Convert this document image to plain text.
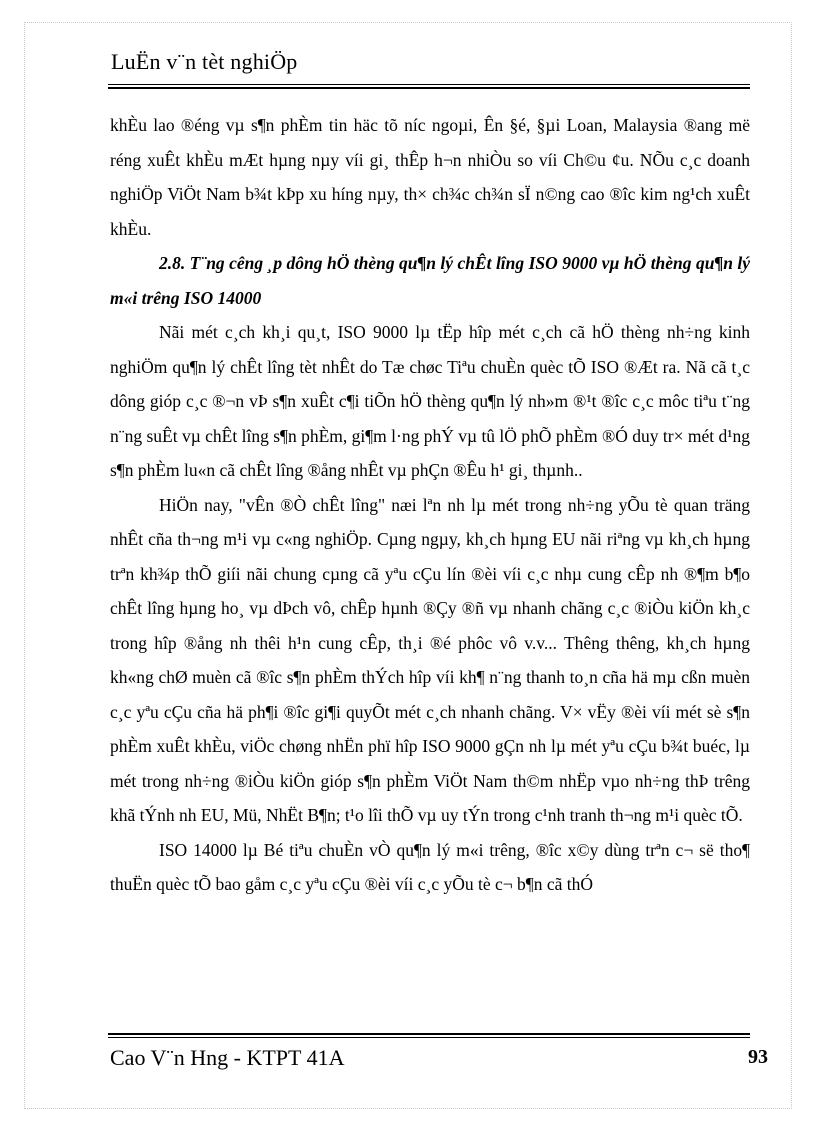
LuËn v¨n tèt nghiÖp

khÈu lao ®éng vµ s¶n phÈm tin häc tõ níc ngoµi, Ên §é, §µi Loan, Malaysia ®ang më réng xuÊt khÈu mÆt hµng nµy víi gi¸ thÊp h¬n nhiÒu so víi Ch©u ¢u. NÕu c¸c doanh nghiÖp ViÖt Nam b¾t kÞp xu híng nµy, th× ch¾c ch¾n sÏ n©ng cao ®îc kim ng¹ch xuÊt khÈu.

2.8. T¨ng cêng ¸p dông hÖ thèng qu¶n lý chÊt lîng ISO 9000 vµ hÖ thèng qu¶n lý m«i trêng ISO 14000

Nãi mét c¸ch kh¸i qu¸t, ISO 9000 lµ tËp hîp mét c¸ch cã hÖ thèng nh÷ng kinh nghiÖm qu¶n lý chÊt lîng tèt nhÊt do Tæ chøc Tiªu chuÈn quèc tÕ ISO ®Æt ra. Nã cã t¸c dông gióp c¸c ®¬n vÞ s¶n xuÊt c¶i tiÕn hÖ thèng qu¶n lý nh»m ®¹t ®îc c¸c môc tiªu t¨ng n¨ng suÊt vµ chÊt lîng s¶n phÈm, gi¶m l·ng phÝ vµ tû lÖ phÕ phÈm ®Ó duy tr× mét d¹ng s¶n phÈm lu«n cã chÊt lîng ®ång nhÊt vµ phÇn ®Êu h¹ gi¸ thµnh..

HiÖn nay, "vÊn ®Ò chÊt lîng" næi lªn nh lµ mét trong nh÷ng yÕu tè quan träng nhÊt cña th¬ng m¹i vµ c«ng nghiÖp. Cµng ngµy, kh¸ch hµng EU nãi riªng vµ kh¸ch hµng trªn kh¾p thÕ giíi nãi chung cµng cã yªu cÇu lín ®èi víi c¸c nhµ cung cÊp nh ®¶m b¶o chÊt lîng hµng ho¸ vµ dÞch vô, chÊp hµnh ®Çy ®ñ vµ nhanh chãng c¸c ®iÒu kiÖn kh¸c trong hîp ®ång nh thêi h¹n cung cÊp, th¸i ®é phôc vô v.v... Thêng thêng, kh¸ch hµng kh«ng chØ muèn cã ®îc s¶n phÈm thÝch hîp víi kh¶ n¨ng thanh to¸n cña hä mµ cßn muèn c¸c yªu cÇu cña hä ph¶i ®îc gi¶i quyÕt mét c¸ch nhanh chãng. V× vËy ®èi víi mét sè s¶n phÈm xuÊt khÈu, viÖc chøng nhËn phï hîp ISO 9000 gÇn nh lµ mét yªu cÇu b¾t buéc, lµ mét trong nh÷ng ®iÒu kiÖn gióp s¶n phÈm ViÖt Nam th©m nhËp vµo nh÷ng thÞ trêng khã tÝnh nh EU, Mü, NhËt B¶n; t¹o lîi thÕ vµ uy tÝn trong c¹nh tranh th¬ng m¹i quèc tÕ.

ISO 14000 lµ Bé tiªu chuÈn vÒ qu¶n lý m«i trêng, ®îc x©y dùng trªn c¬ së tho¶ thuËn quèc tÕ bao gåm c¸c yªu cÇu ®èi víi c¸c yÕu tè c¬ b¶n cã thÓ

Cao V¨n Hng - KTPT 41A	93
